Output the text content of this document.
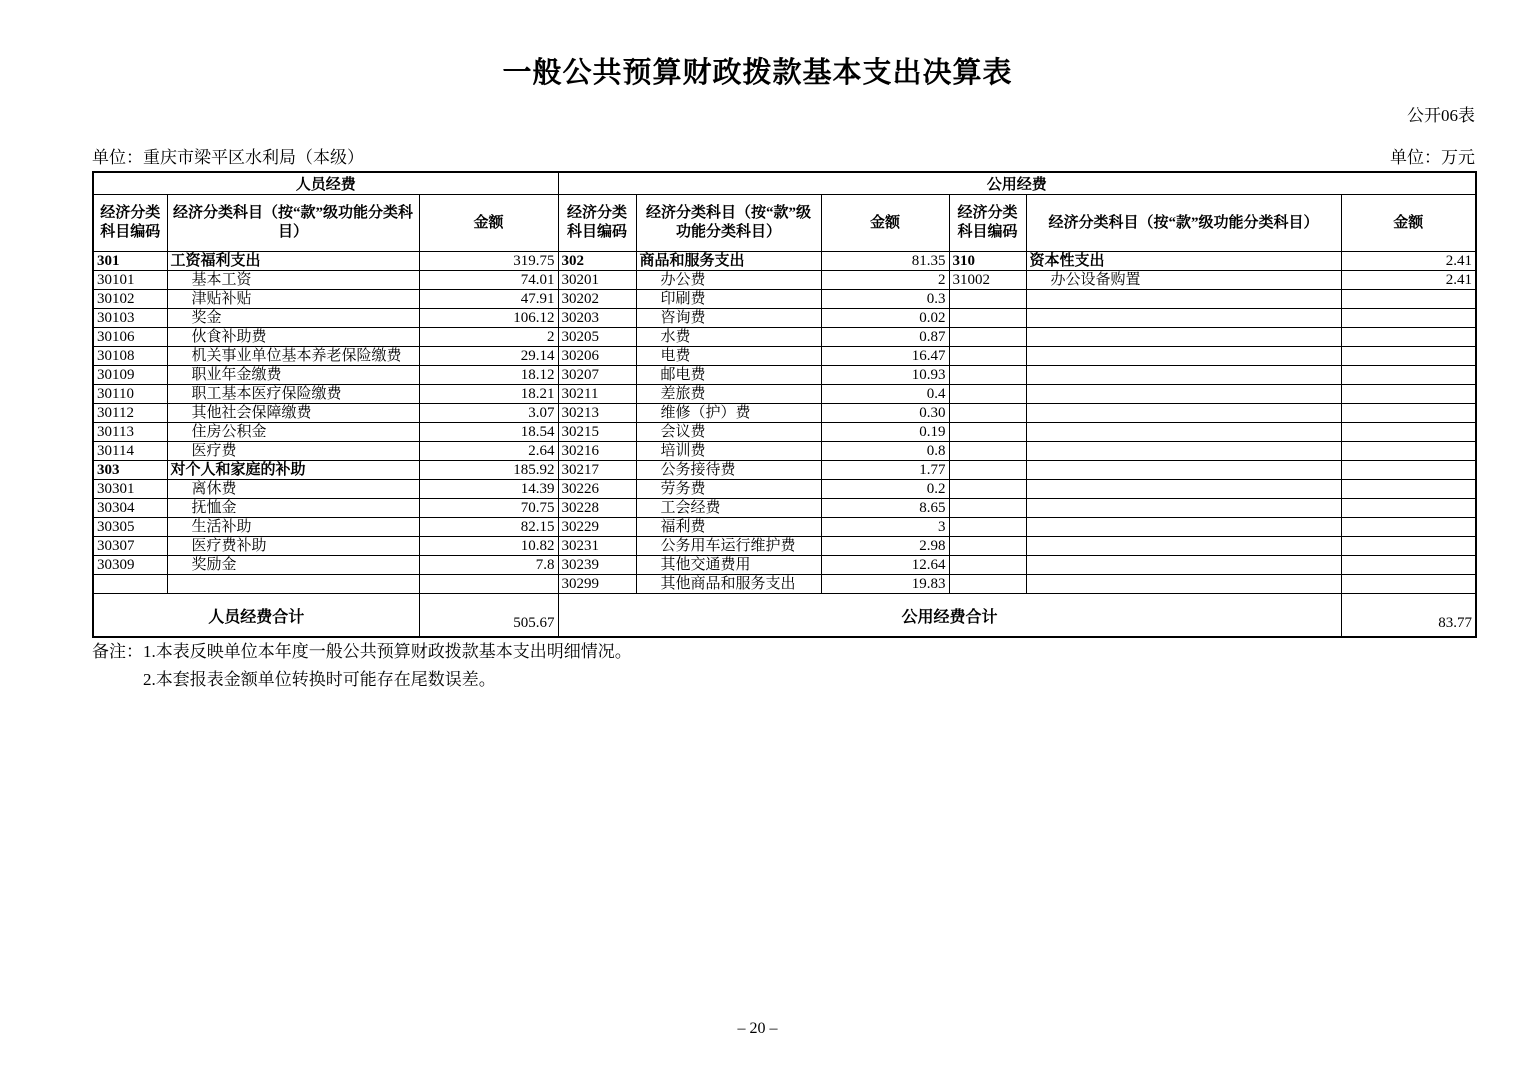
一般公共预算财政拨款基本支出决算表
公开06表
单位：重庆市梁平区水利局（本级）	单位：万元
人员经费			公用经费					
经济分类科目编码	经济分类科目（按“款”级功能分类科目）	金额	经济分类科目编码	经济分类科目（按“款”级功能分类科目）	金额	经济分类科目编码	经济分类科目（按“款”级功能分类科目）	金额
301	工资福利支出	319.75	302	商品和服务支出	81.35	310	资本性支出	2.41
30101	基本工资	74.01	30201	办公费	2	31002	办公设备购置	2.41
30102	津贴补贴	47.91	30202	印刷费	0.3			
30103	奖金	106.12	30203	咨询费	0.02			
30106	伙食补助费	2	30205	水费	0.87			
30108	机关事业单位基本养老保险缴费	29.14	30206	电费	16.47			
30109	职业年金缴费	18.12	30207	邮电费	10.93			
30110	职工基本医疗保险缴费	18.21	30211	差旅费	0.4			
30112	其他社会保障缴费	3.07	30213	维修（护）费	0.30			
30113	住房公积金	18.54	30215	会议费	0.19			
30114	医疗费	2.64	30216	培训费	0.8			
303	对个人和家庭的补助	185.92	30217	公务接待费	1.77			
30301	离休费	14.39	30226	劳务费	0.2			
30304	抚恤金	70.75	30228	工会经费	8.65			
30305	生活补助	82.15	30229	福利费	3			
30307	医疗费补助	10.82	30231	公务用车运行维护费	2.98			
30309	奖励金	7.8	30239	其他交通费用	12.64			
			30299	其他商品和服务支出	19.83			
人员经费合计		505.67	公用经费合计					83.77
备注： 1.本表反映单位本年度一般公共预算财政拨款基本支出明细情况。
2.本套报表金额单位转换时可能存在尾数误差。
– 20 –
